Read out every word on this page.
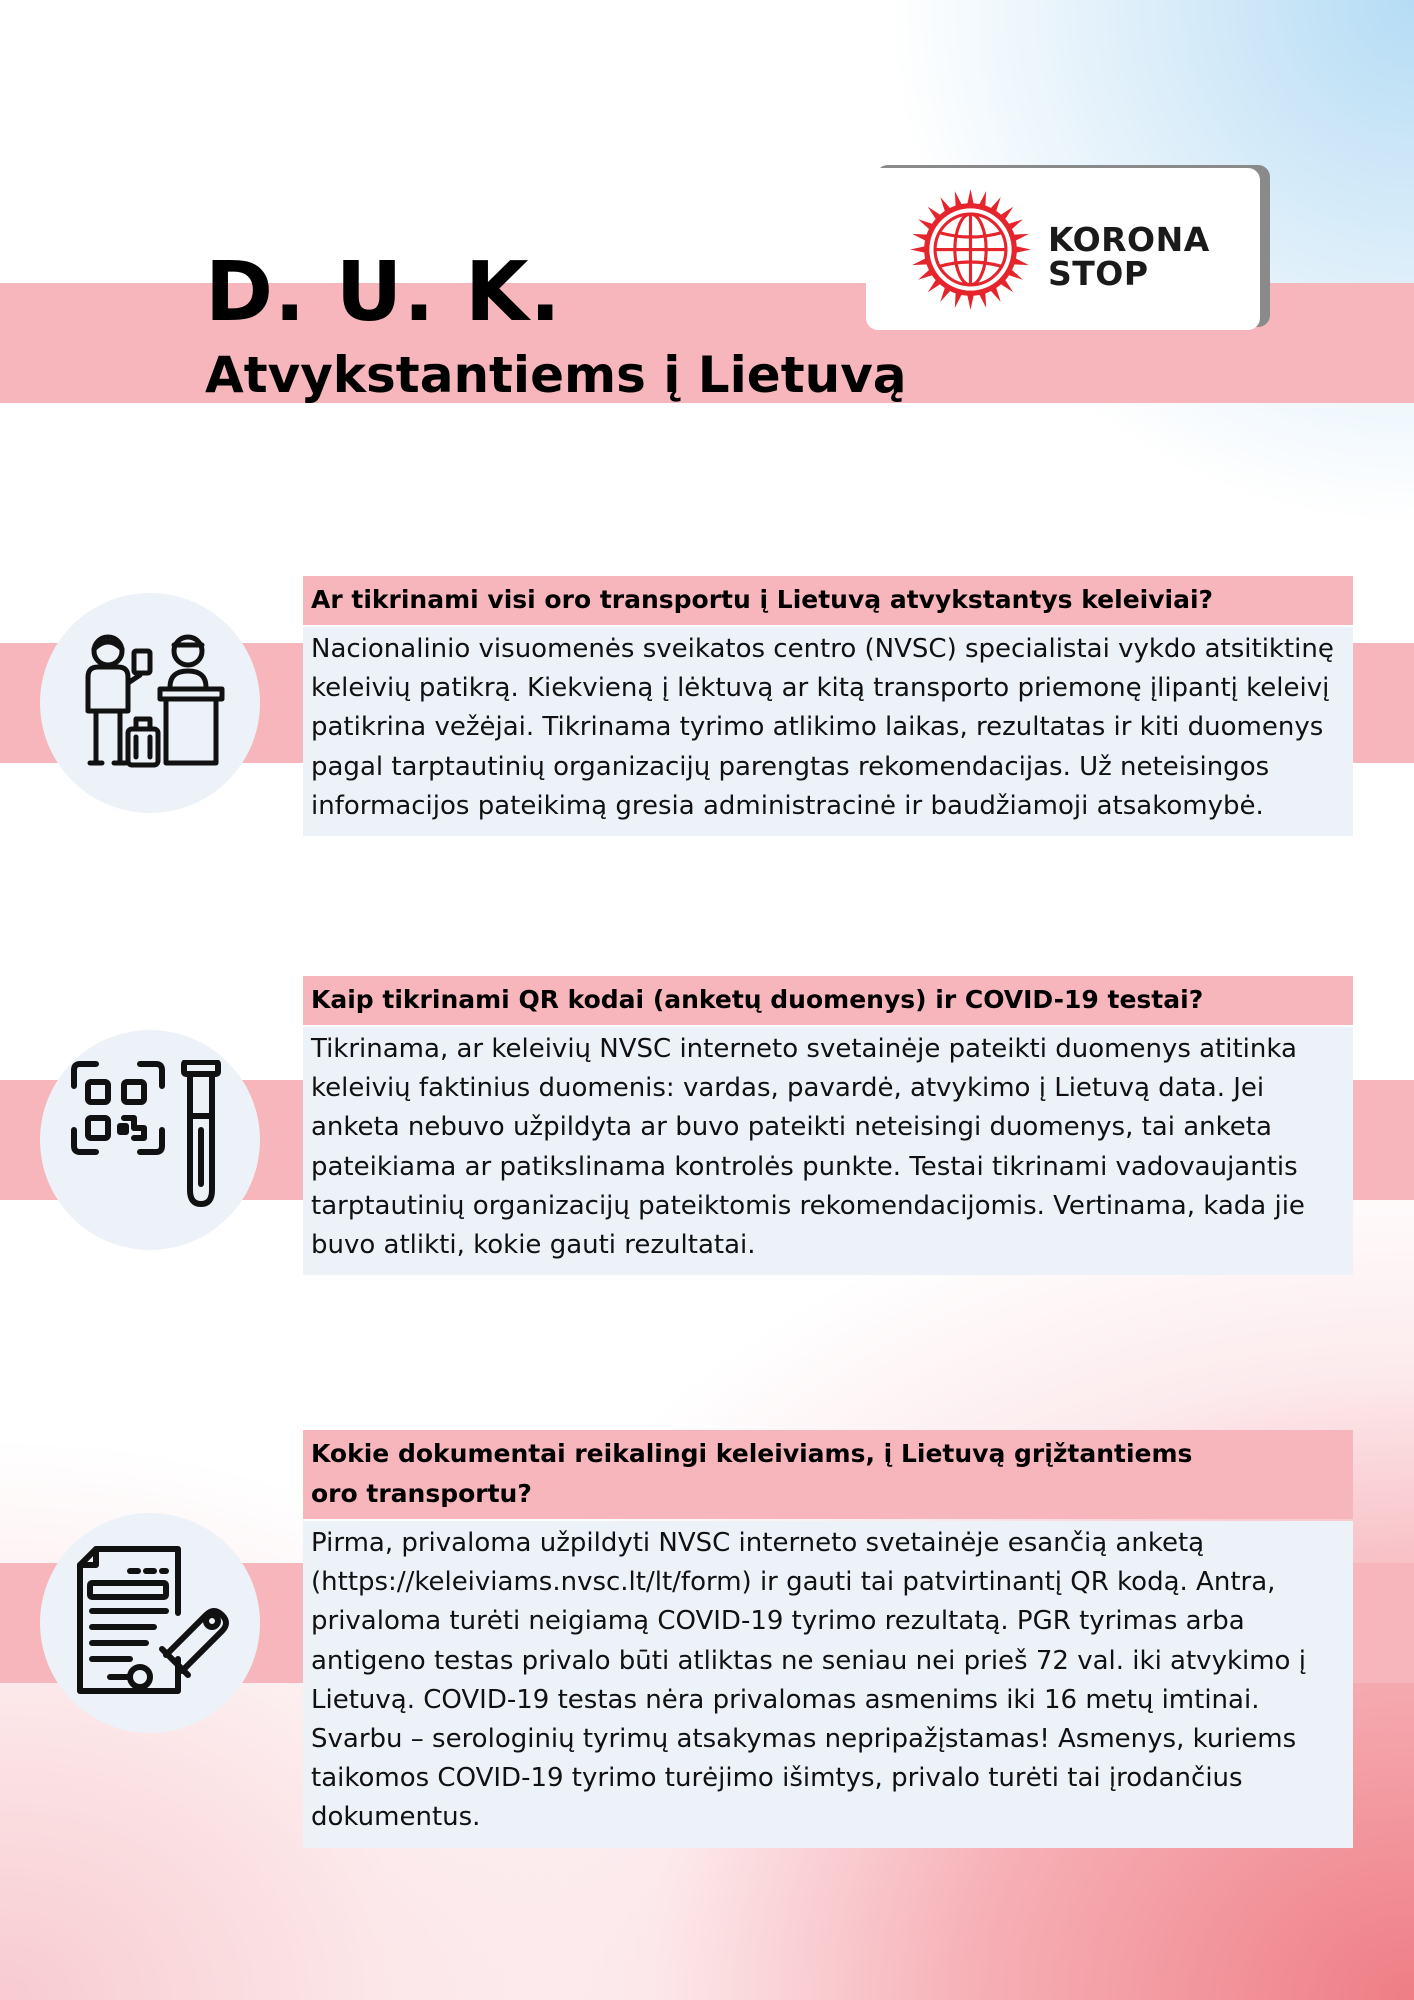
KORONA
STOP
D. U. K.
Atvykstantiems į Lietuvą
Ar tikrinami visi oro transportu į Lietuvą atvykstantys keleiviai?
Nacionalinio visuomenės sveikatos centro (NVSC) specialistai vykdo atsitiktinę keleivių patikrą. Kiekvieną į lėktuvą ar kitą transporto priemonę įlipantį keleivį patikrina vežėjai. Tikrinama tyrimo atlikimo laikas, rezultatas ir kiti duomenys pagal tarptautinių organizacijų parengtas rekomendacijas. Už neteisingos informacijos pateikimą gresia administracinė ir baudžiamoji atsakomybė.
Kaip tikrinami QR kodai (anketų duomenys) ir COVID-19 testai?
Tikrinama, ar keleivių NVSC interneto svetainėje pateikti duomenys atitinka keleivių faktinius duomenis: vardas, pavardė, atvykimo į Lietuvą data. Jei anketa nebuvo užpildyta ar buvo pateikti neteisingi duomenys, tai anketa pateikiama ar patikslinama kontrolės punkte. Testai tikrinami vadovaujantis tarptautinių organizacijų pateiktomis rekomendacijomis. Vertinama, kada jie buvo atlikti, kokie gauti rezultatai.
Kokie dokumentai reikalingi keleiviams, į Lietuvą grįžtantiems oro transportu?
Pirma, privaloma užpildyti NVSC interneto svetainėje esančią anketą (https://keleiviams.nvsc.lt/lt/form) ir gauti tai patvirtinantį QR kodą. Antra, privaloma turėti neigiamą COVID-19 tyrimo rezultatą. PGR tyrimas arba antigeno testas privalo būti atliktas ne seniau nei prieš 72 val. iki atvykimo į Lietuvą. COVID-19 testas nėra privalomas asmenims iki 16 metų imtinai. Svarbu – serologinių tyrimų atsakymas nepripažįstamas! Asmenys, kuriems taikomos COVID-19 tyrimo turėjimo išimtys, privalo turėti tai įrodančius dokumentus.
